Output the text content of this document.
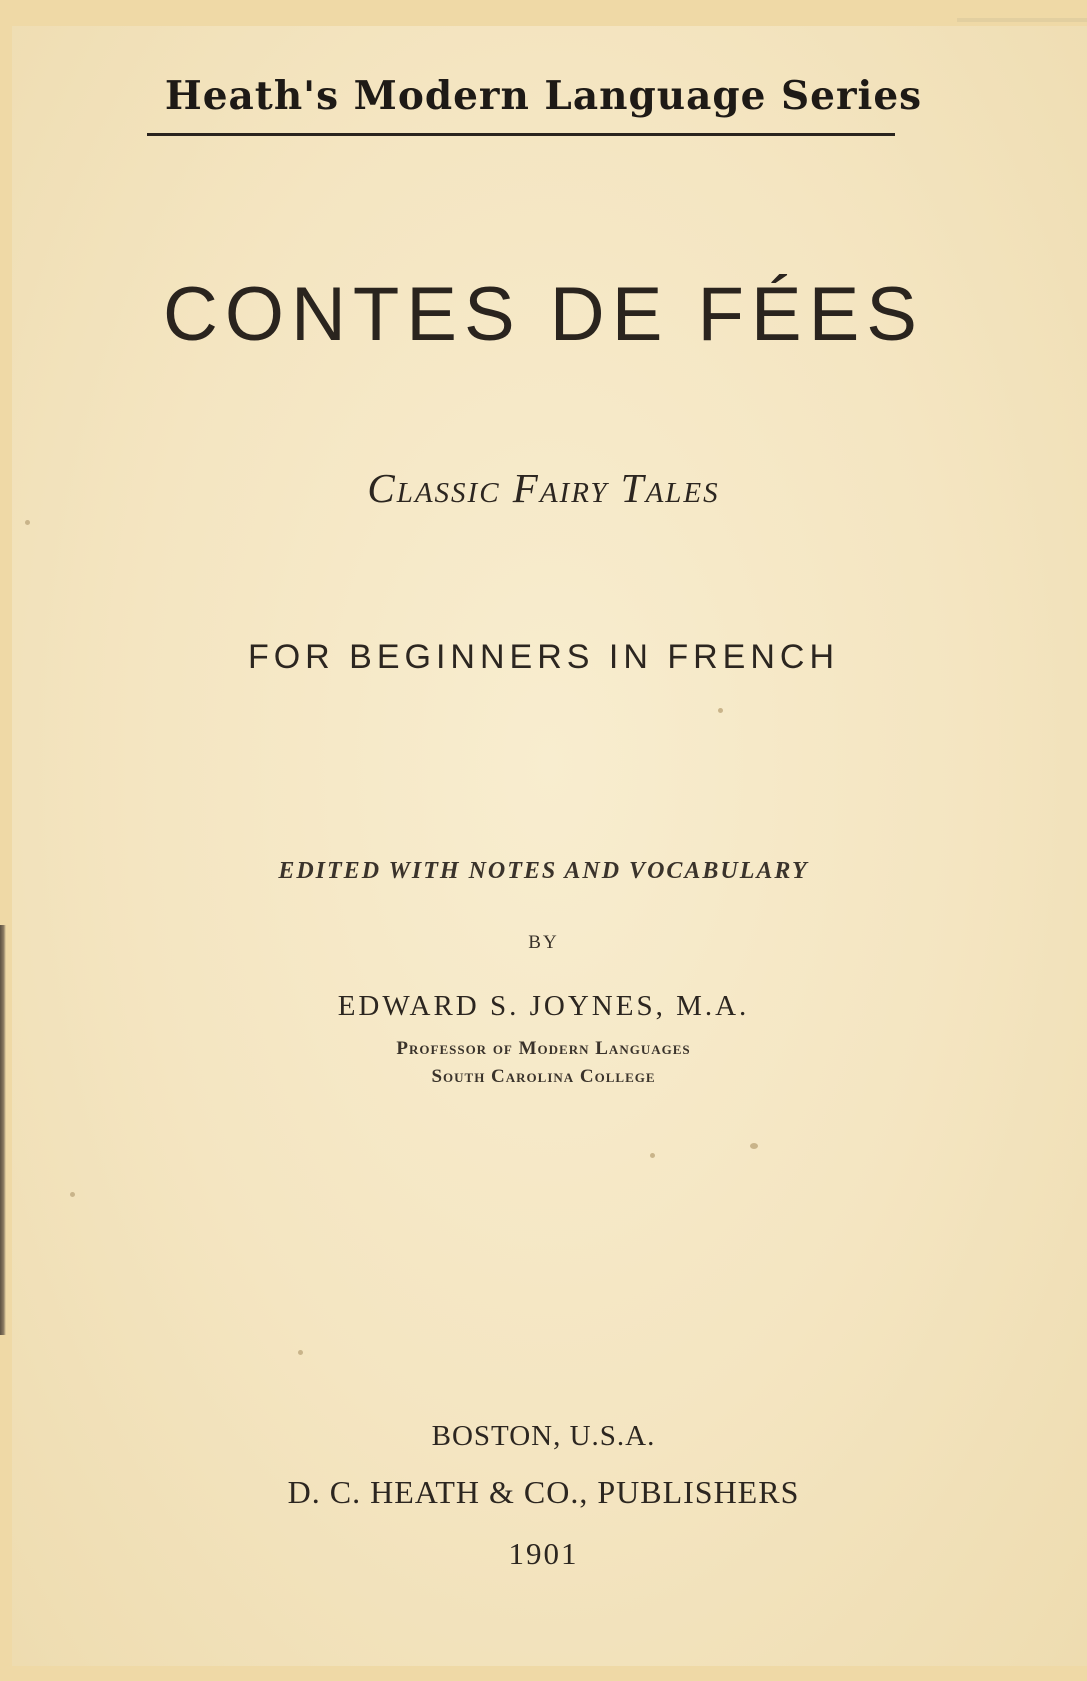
Heath's Modern Language Series
CONTES DE FÉES
Classic Fairy Tales
FOR BEGINNERS IN FRENCH
EDITED WITH NOTES AND VOCABULARY
BY
EDWARD S. JOYNES, M.A.
Professor of Modern Languages
South Carolina College
BOSTON, U.S.A.
D. C. HEATH & CO., PUBLISHERS
1901
